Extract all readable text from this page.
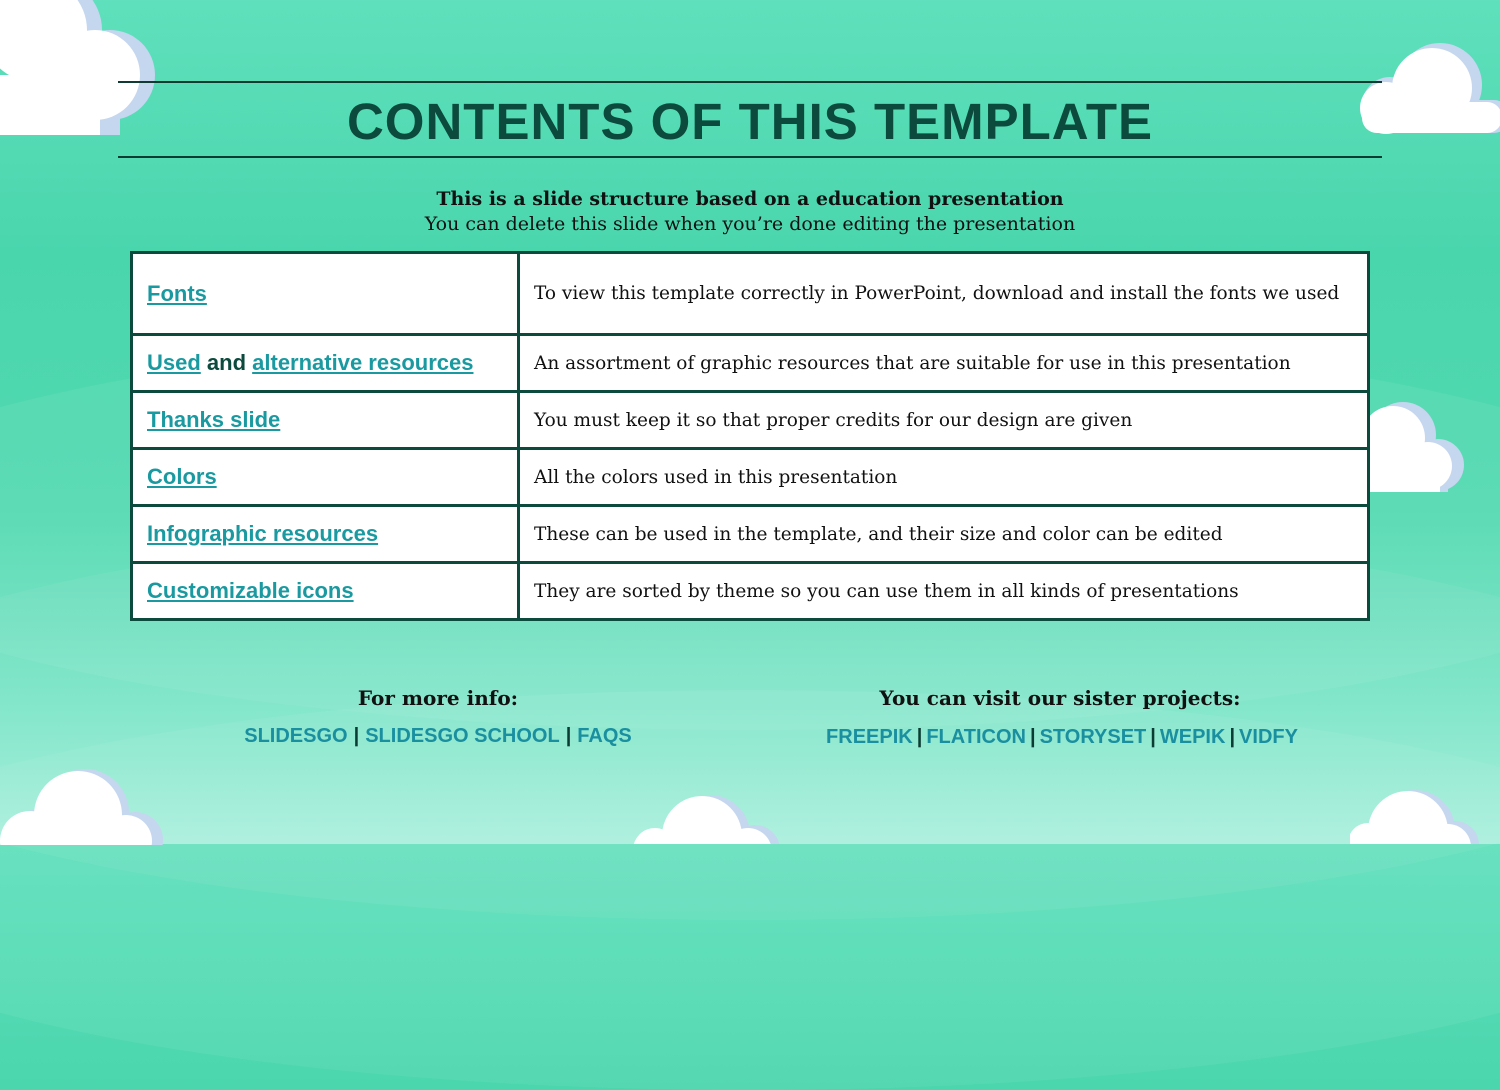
CONTENTS OF THIS TEMPLATE
This is a slide structure based on a education presentation
You can delete this slide when you’re done editing the presentation
Fonts	To view this template correctly in PowerPoint, download and install the fonts we used
Used and alternative resources	An assortment of graphic resources that are suitable for use in this presentation
Thanks slide	You must keep it so that proper credits for our design are given
Colors	All the colors used in this presentation
Infographic resources	These can be used in the template, and their size and color can be edited
Customizable icons	They are sorted by theme so you can use them in all kinds of presentations
For more info:
SLIDESGO | SLIDESGO SCHOOL | FAQS
You can visit our sister projects:
FREEPIK | FLATICON | STORYSET | WEPIK | VIDFY
